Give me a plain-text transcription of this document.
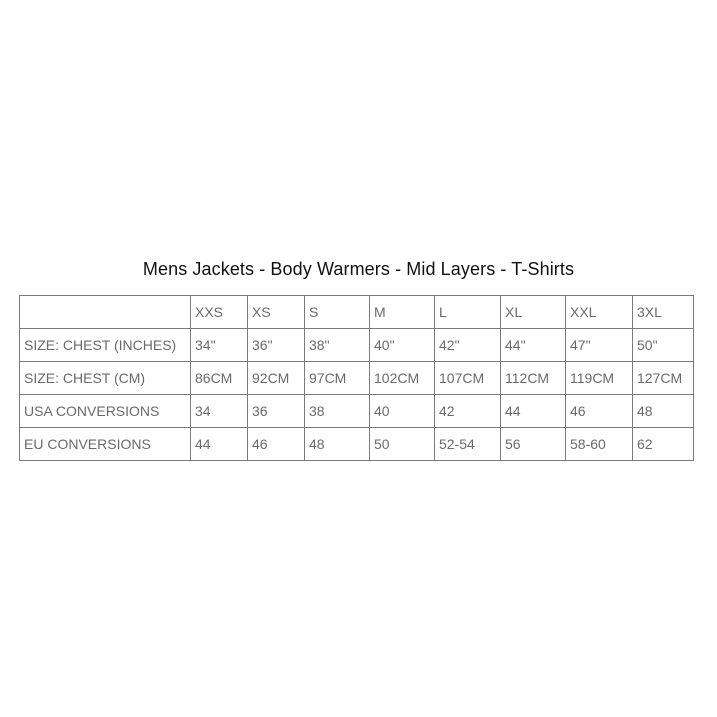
Mens Jackets - Body Warmers - Mid Layers - T-Shirts
	XXS	XS	S	M	L	XL	XXL	3XL
SIZE: CHEST (INCHES)	34"	36"	38"	40"	42"	44"	47"	50"
SIZE: CHEST (CM)	86CM	92CM	97CM	102CM	107CM	112CM	119CM	127CM
USA CONVERSIONS	34	36	38	40	42	44	46	48
EU CONVERSIONS	44	46	48	50	52-54	56	58-60	62
